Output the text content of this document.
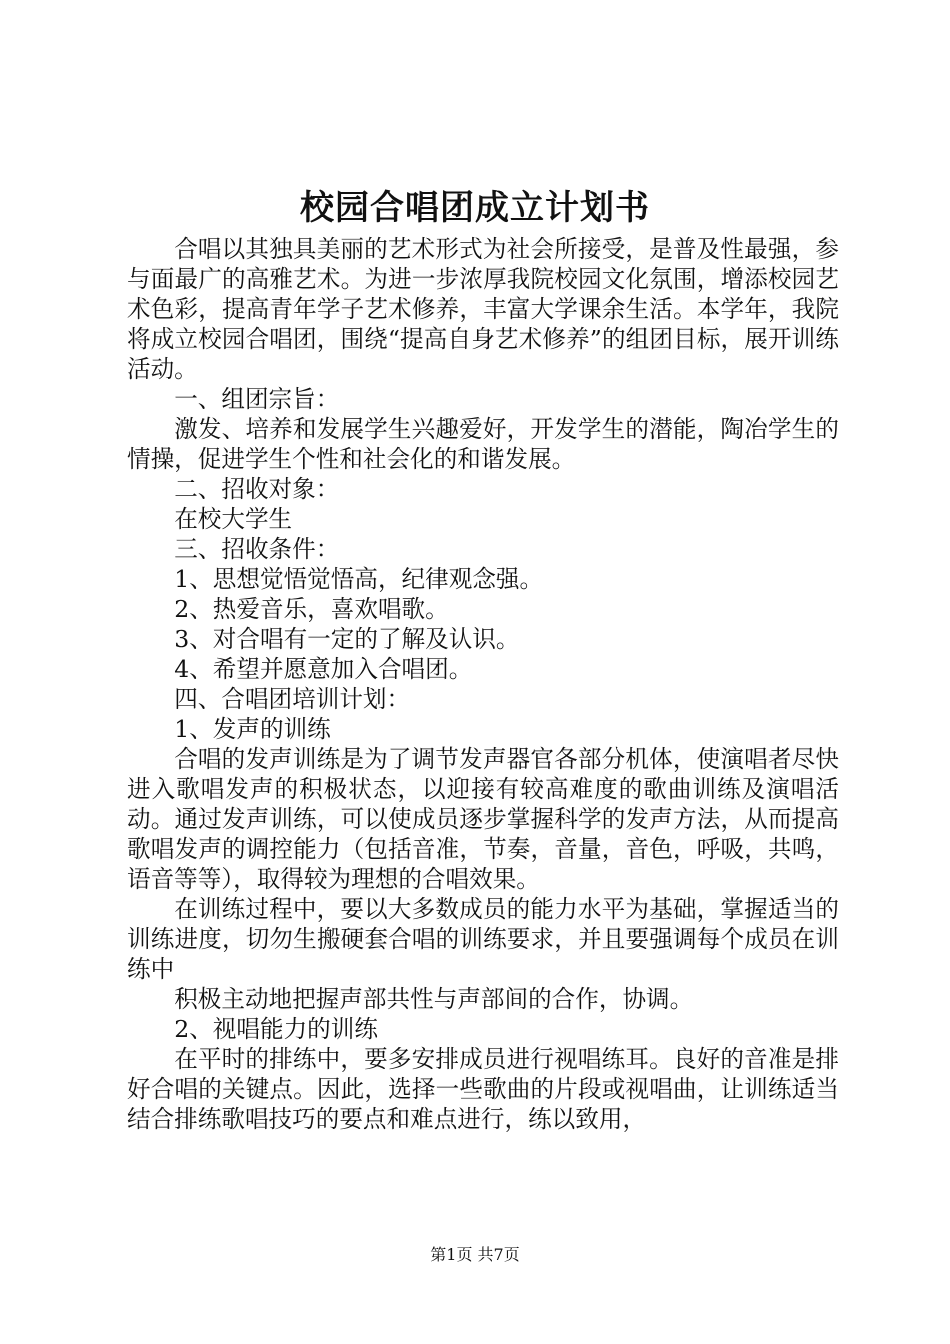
校园合唱团成立计划书

合唱以其独具美丽的艺术形式为社会所接受，是普及性最强，参与面最广的高雅艺术。为进一步浓厚我院校园文化氛围，增添校园艺术色彩，提高青年学子艺术修养，丰富大学课余生活。本学年，我院将成立校园合唱团，围绕“提高自身艺术修养”的组团目标，展开训练活动。

一、组团宗旨：

激发、培养和发展学生兴趣爱好，开发学生的潜能，陶冶学生的情操，促进学生个性和社会化的和谐发展。

二、招收对象：

在校大学生

三、招收条件：

1、思想觉悟觉悟高，纪律观念强。

2、热爱音乐，喜欢唱歌。

3、对合唱有一定的了解及认识。

4、希望并愿意加入合唱团。

四、合唱团培训计划：

1、发声的训练

合唱的发声训练是为了调节发声器官各部分机体，使演唱者尽快进入歌唱发声的积极状态，以迎接有较高难度的歌曲训练及演唱活动。通过发声训练，可以使成员逐步掌握科学的发声方法，从而提高歌唱发声的调控能力（包括音准，节奏，音量，音色，呼吸，共鸣，语音等等），取得较为理想的合唱效果。

在训练过程中，要以大多数成员的能力水平为基础，掌握适当的训练进度，切勿生搬硬套合唱的训练要求，并且要强调每个成员在训练中

积极主动地把握声部共性与声部间的合作，协调。

2、视唱能力的训练

在平时的排练中，要多安排成员进行视唱练耳。良好的音准是排好合唱的关键点。因此，选择一些歌曲的片段或视唱曲，让训练适当结合排练歌唱技巧的要点和难点进行，练以致用，

第1页 共7页
